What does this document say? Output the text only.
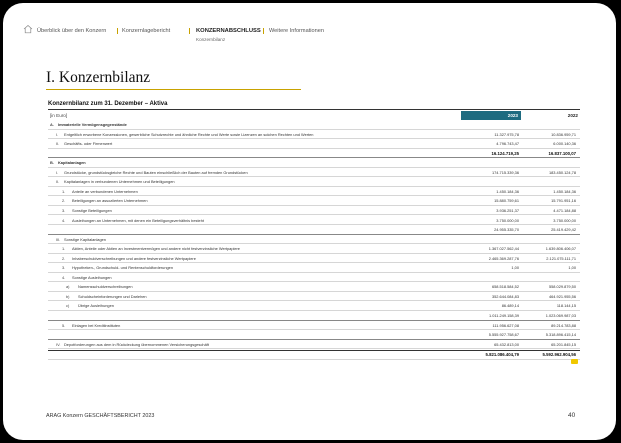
Überblick über den Konzern	Konzernlagebericht	KONZERNABSCHLUSS Weitere Informationen
Konzernbilanz
I. Konzernbilanz
Konzernbilanz zum 31. Dezember – Aktiva
[in Euro]	2023	2022
A. Immaterielle Vermögensgegenstände
I. Entgeltlich erworbene Konzessionen, gewerbliche Schutzrechte und ähnliche Rechte und Werte sowie Lizenzen an solchen Rechten und Werten	11.327.975,78	10.836.959,71
II. Geschäfts- oder Firmenwert	4.796.743,47	6.000.140,36
16.124.719,25	16.837.100,07
B. Kapitalanlagen
I. Grundstücke, grundstücksgleiche Rechte und Bauten einschließlich der Bauten auf fremden Grundstücken	174.715.339,36	183.450.124,78
II. Kapitalanlagen in verbundenen Unternehmen und Beteiligungen
1. Anteile an verbundenen Unternehmen	1.450.184,36	1.450.184,36
2. Beteiligungen an assoziierten Unternehmen	15.880.759,61	15.791.951,16
3. Sonstige Beteiligungen	3.936.251,37	4.471.184,88
4. Ausleihungen an Unternehmen, mit denen ein Beteiligungsverhältnis besteht	3.750.000,00	3.750.000,00
24.955.335,70	25.419.429,42
III. Sonstige Kapitalanlagen
1. Aktien, Anteile oder Aktien an Investmentvermögen und andere nicht festverzinsliche Wertpapiere	1.367.027.562,44	1.639.806.406,07
2. Inhaberschuldverschreibungen und andere festverzinsliche Wertpapiere	2.465.369.287,76	2.121.075.111,71
3. Hypotheken-, Grundschuld- und Rentenschuldforderungen	1,00	1,00
4. Sonstige Ausleihungen
a) Namensschuldverschreibungen	658.518.584,52	558.029.879,50
b) Schuldscheinforderungen und Darlehen	352.644.084,83	464.921.955,56
c) Übrige Ausleihungen	86.489,14	118.144,15
1.011.249.158,39	1.023.069.987,03
5. Einlagen bei Kreditinstituten	111.956.627,08	89.214.783,88
5.555.927.758,67	5.318.896.415,14
IV. Depotforderungen aus dem in Rückdeckung übernommenen Versicherungsgeschäft	65.432.813,00	65.201.845,15
5.821.086.404,79	5.592.962.904,56
ARAG Konzern GESCHÄFTSBERICHT 2023	40
